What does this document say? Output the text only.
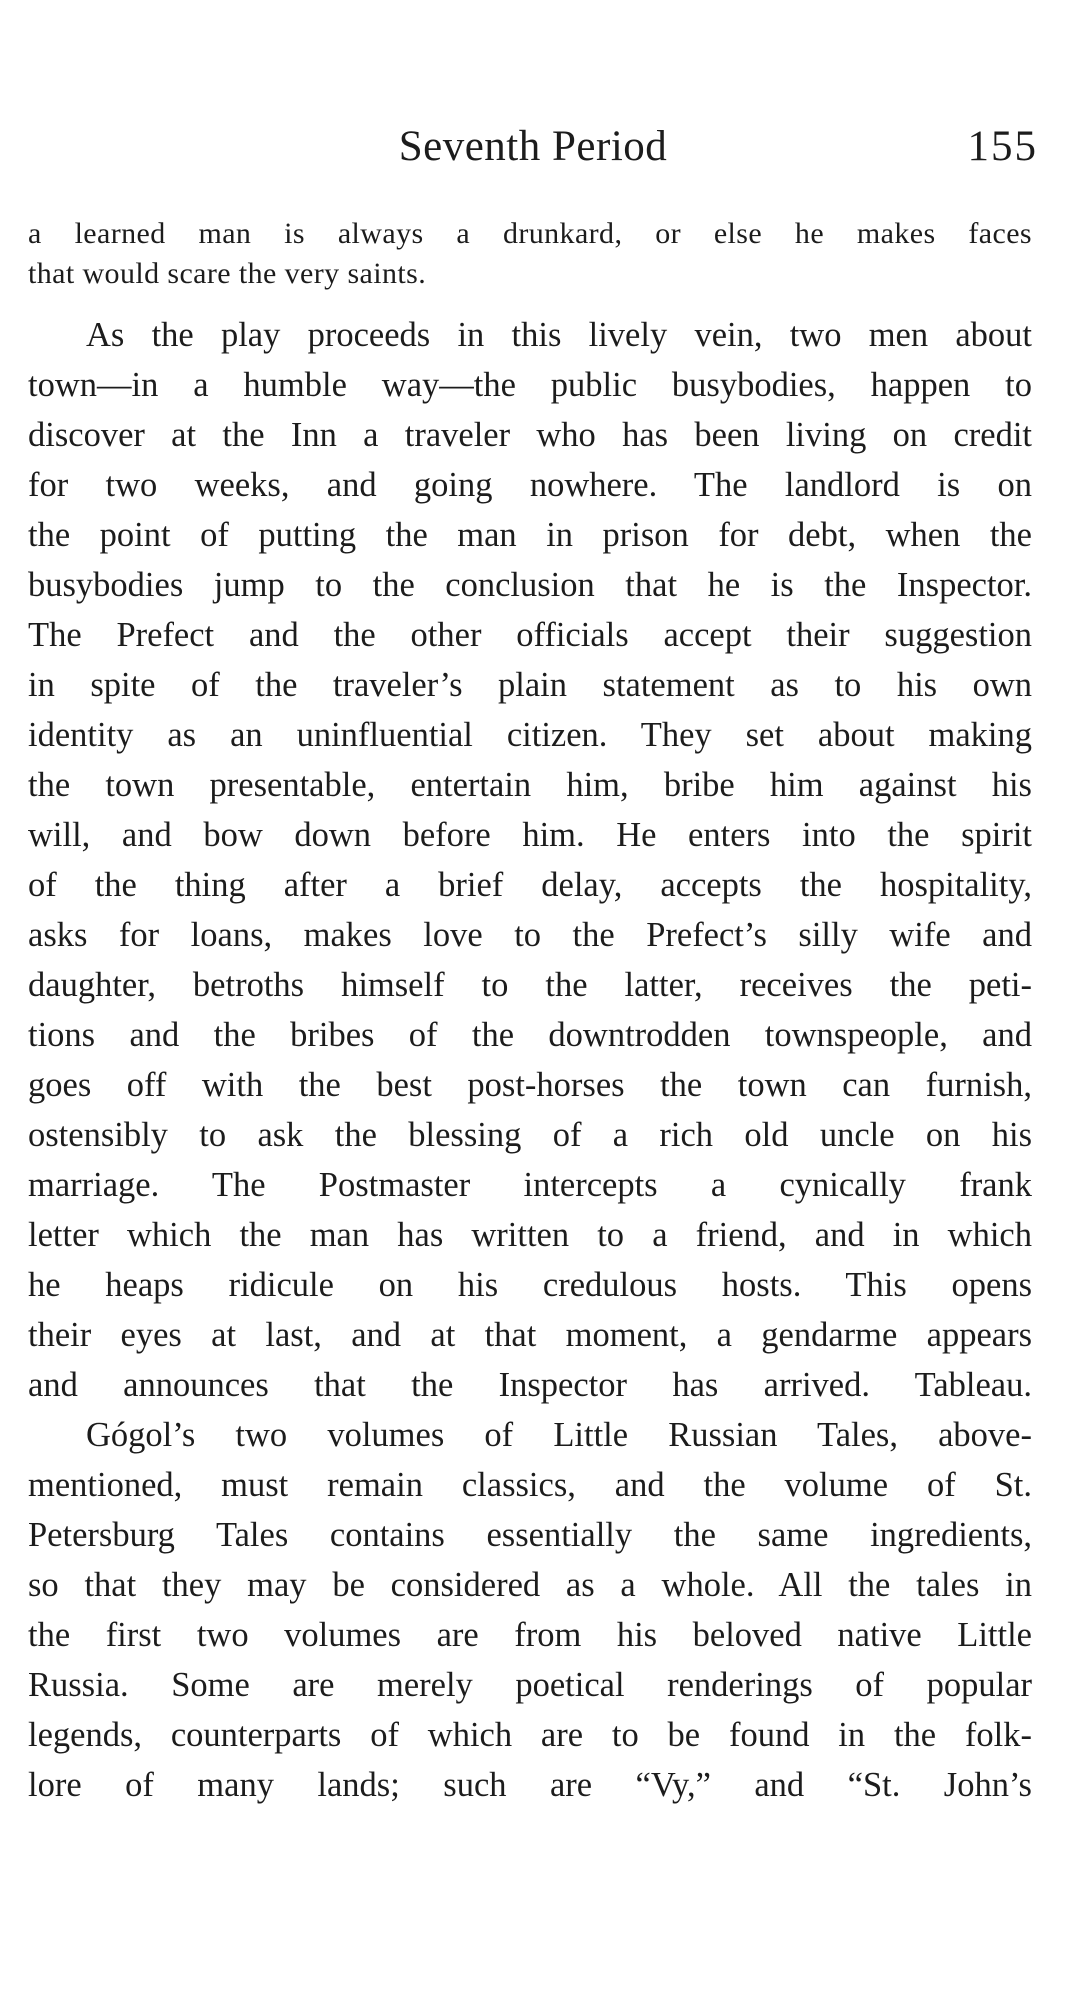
Seventh Period	155
a learned man is always a drunkard, or else he makes faces
that would scare the very saints.
As the play proceeds in this lively vein, two men about
town—in a humble way—the public busybodies, happen to
discover at the Inn a traveler who has been living on credit
for two weeks, and going nowhere. The landlord is on
the point of putting the man in prison for debt, when the
busybodies jump to the conclusion that he is the Inspector.
The Prefect and the other officials accept their suggestion
in spite of the traveler’s plain statement as to his own
identity as an uninfluential citizen. They set about making
the town presentable, entertain him, bribe him against his
will, and bow down before him. He enters into the spirit
of the thing after a brief delay, accepts the hospitality,
asks for loans, makes love to the Prefect’s silly wife and
daughter, betroths himself to the latter, receives the peti-
tions and the bribes of the downtrodden townspeople, and
goes off with the best post-horses the town can furnish,
ostensibly to ask the blessing of a rich old uncle on his
marriage. The Postmaster intercepts a cynically frank
letter which the man has written to a friend, and in which
he heaps ridicule on his credulous hosts. This opens
their eyes at last, and at that moment, a gendarme appears
and announces that the Inspector has arrived. Tableau.
Gógol’s two volumes of Little Russian Tales, above-
mentioned, must remain classics, and the volume of St.
Petersburg Tales contains essentially the same ingredients,
so that they may be considered as a whole. All the tales in
the first two volumes are from his beloved native Little
Russia. Some are merely poetical renderings of popular
legends, counterparts of which are to be found in the folk-
lore of many lands; such are “Vy,” and “St. John’s
